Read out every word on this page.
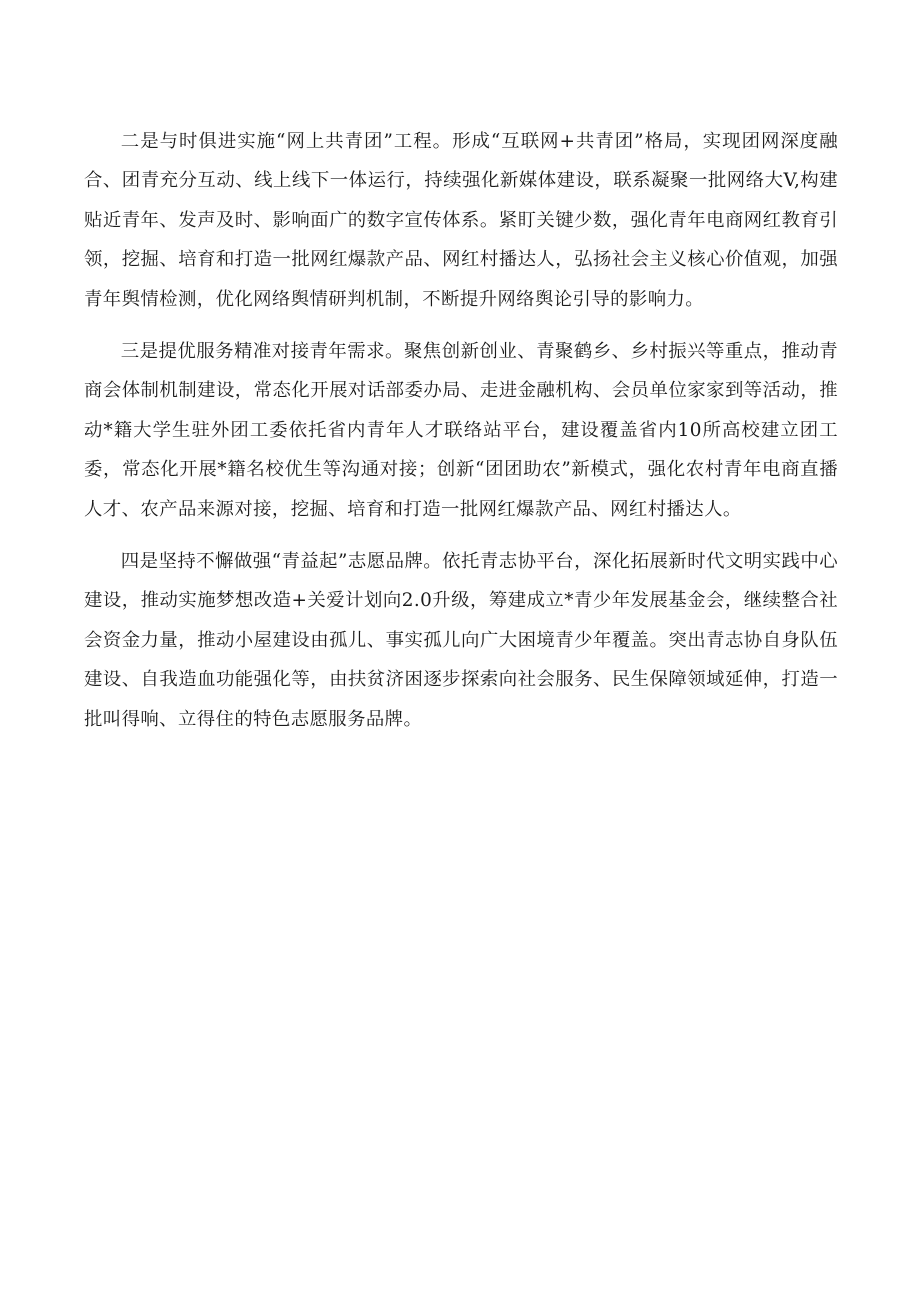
二是与时俱进实施“网上共青团”工程。形成“互联网+共青团”格局，实现团网深度融合、团青充分互动、线上线下一体运行，持续强化新媒体建设，联系凝聚一批网络大V,构建贴近青年、发声及时、影响面广的数字宣传体系。紧盯关键少数，强化青年电商网红教育引领，挖掘、培育和打造一批网红爆款产品、网红村播达人，弘扬社会主义核心价值观，加强青年舆情检测，优化网络舆情研判机制，不断提升网络舆论引导的影响力。

三是提优服务精准对接青年需求。聚焦创新创业、青聚鹤乡、乡村振兴等重点，推动青商会体制机制建设，常态化开展对话部委办局、走进金融机构、会员单位家家到等活动，推动*籍大学生驻外团工委依托省内青年人才联络站平台，建设覆盖省内10所高校建立团工委，常态化开展*籍名校优生等沟通对接；创新“团团助农”新模式，强化农村青年电商直播人才、农产品来源对接，挖掘、培育和打造一批网红爆款产品、网红村播达人。

四是坚持不懈做强“青益起”志愿品牌。依托青志协平台，深化拓展新时代文明实践中心建设，推动实施梦想改造+关爱计划向2.0升级，筹建成立*青少年发展基金会，继续整合社会资金力量，推动小屋建设由孤儿、事实孤儿向广大困境青少年覆盖。突出青志协自身队伍建设、自我造血功能强化等，由扶贫济困逐步探索向社会服务、民生保障领域延伸，打造一批叫得响、立得住的特色志愿服务品牌。
